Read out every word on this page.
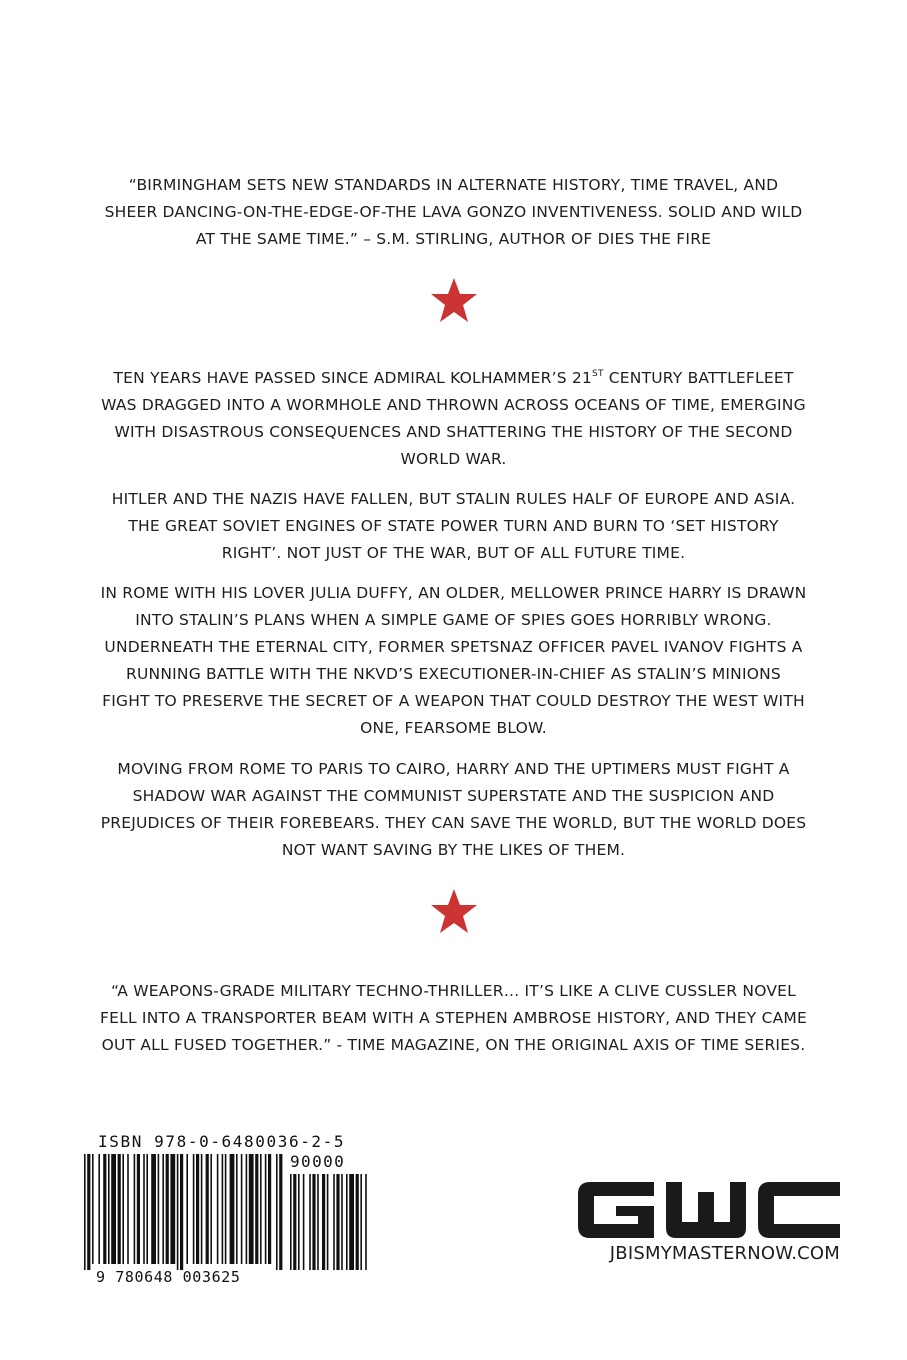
“BIRMINGHAM SETS NEW STANDARDS IN ALTERNATE HISTORY, TIME TRAVEL, AND SHEER DANCING-ON-THE-EDGE-OF-THE LAVA GONZO INVENTIVENESS. SOLID AND WILD AT THE SAME TIME.” – S.M. STIRLING, AUTHOR OF DIES THE FIRE

TEN YEARS HAVE PASSED SINCE ADMIRAL KOLHAMMER’S 21ST CENTURY BATTLEFLEET WAS DRAGGED INTO A WORMHOLE AND THROWN ACROSS OCEANS OF TIME, EMERGING WITH DISASTROUS CONSEQUENCES AND SHATTERING THE HISTORY OF THE SECOND WORLD WAR.

HITLER AND THE NAZIS HAVE FALLEN, BUT STALIN RULES HALF OF EUROPE AND ASIA. THE GREAT SOVIET ENGINES OF STATE POWER TURN AND BURN TO ‘SET HISTORY RIGHT’. NOT JUST OF THE WAR, BUT OF ALL FUTURE TIME.

IN ROME WITH HIS LOVER JULIA DUFFY, AN OLDER, MELLOWER PRINCE HARRY IS DRAWN INTO STALIN’S PLANS WHEN A SIMPLE GAME OF SPIES GOES HORRIBLY WRONG. UNDERNEATH THE ETERNAL CITY, FORMER SPETSNAZ OFFICER PAVEL IVANOV FIGHTS A RUNNING BATTLE WITH THE NKVD’S EXECUTIONER-IN-CHIEF AS STALIN’S MINIONS FIGHT TO PRESERVE THE SECRET OF A WEAPON THAT COULD DESTROY THE WEST WITH ONE, FEARSOME BLOW.

MOVING FROM ROME TO PARIS TO CAIRO, HARRY AND THE UPTIMERS MUST FIGHT A SHADOW WAR AGAINST THE COMMUNIST SUPERSTATE AND THE SUSPICION AND PREJUDICES OF THEIR FOREBEARS. THEY CAN SAVE THE WORLD, BUT THE WORLD DOES NOT WANT SAVING BY THE LIKES OF THEM.

“A WEAPONS-GRADE MILITARY TECHNO-THRILLER… IT’S LIKE A CLIVE CUSSLER NOVEL FELL INTO A TRANSPORTER BEAM WITH A STEPHEN AMBROSE HISTORY, AND THEY CAME OUT ALL FUSED TOGETHER.” - TIME MAGAZINE, ON THE ORIGINAL AXIS OF TIME SERIES.

ISBN 978-0-6480036-2-5
90000
9 780648 003625
JBISMYMASTERNOW.COM
